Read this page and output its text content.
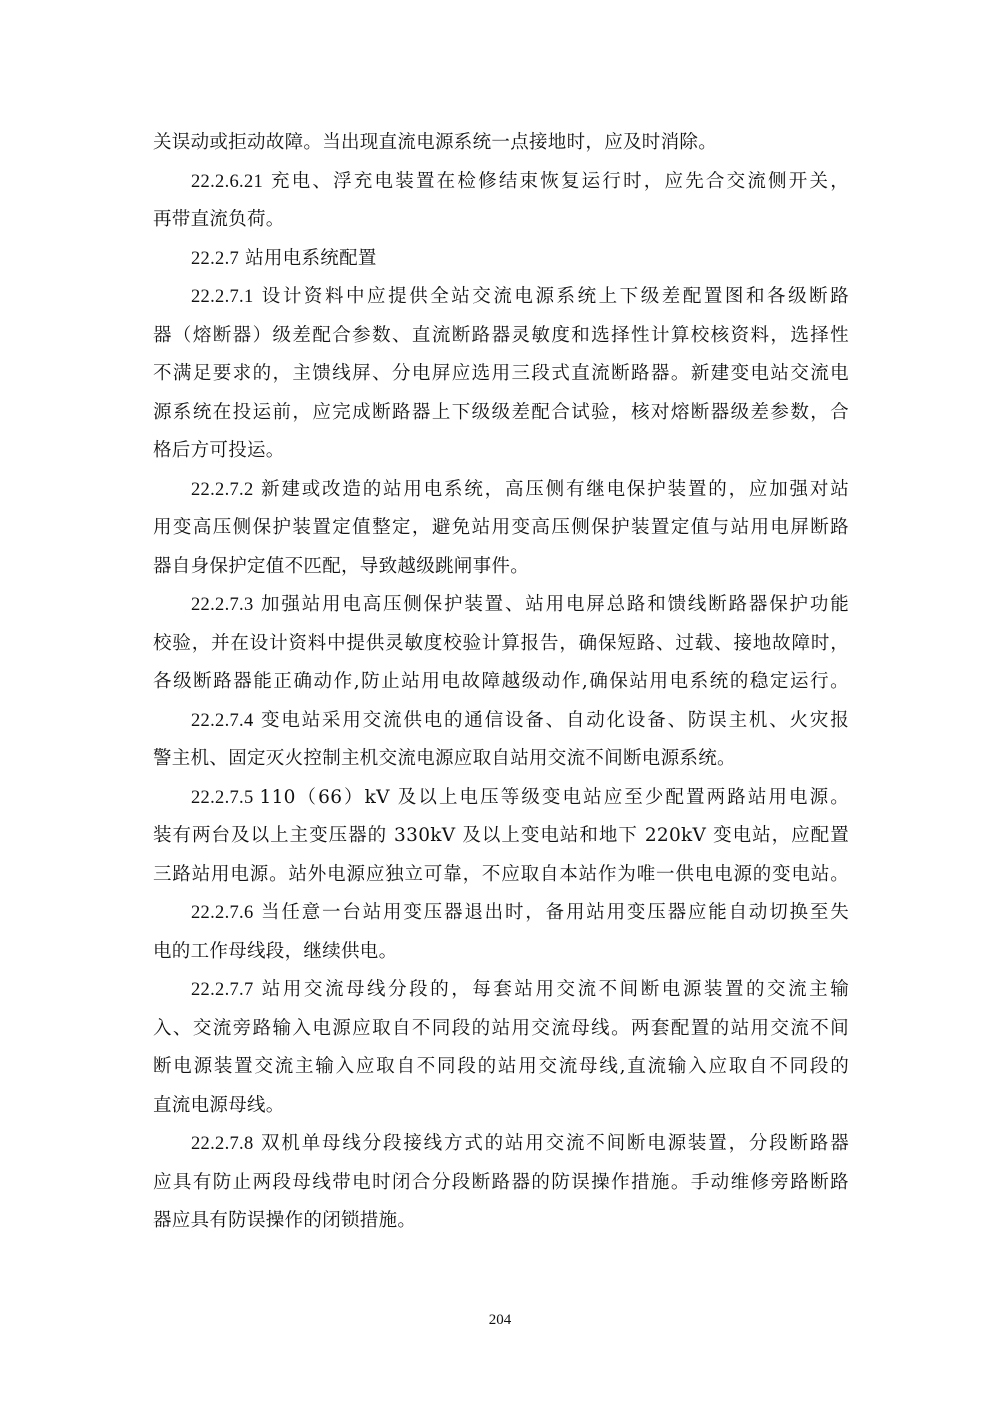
关误动或拒动故障。当出现直流电源系统一点接地时，应及时消除。
22.2.6.21 充电、浮充电装置在检修结束恢复运行时，应先合交流侧开关，
再带直流负荷。
22.2.7 站用电系统配置
22.2.7.1 设计资料中应提供全站交流电源系统上下级差配置图和各级断路
器（熔断器）级差配合参数、直流断路器灵敏度和选择性计算校核资料，选择性
不满足要求的，主馈线屏、分电屏应选用三段式直流断路器。新建变电站交流电
源系统在投运前，应完成断路器上下级级差配合试验，核对熔断器级差参数，合
格后方可投运。
22.2.7.2 新建或改造的站用电系统，高压侧有继电保护装置的，应加强对站
用变高压侧保护装置定值整定，避免站用变高压侧保护装置定值与站用电屏断路
器自身保护定值不匹配，导致越级跳闸事件。
22.2.7.3 加强站用电高压侧保护装置、站用电屏总路和馈线断路器保护功能
校验，并在设计资料中提供灵敏度校验计算报告，确保短路、过载、接地故障时，
各级断路器能正确动作,防止站用电故障越级动作,确保站用电系统的稳定运行。
22.2.7.4 变电站采用交流供电的通信设备、自动化设备、防误主机、火灾报
警主机、固定灭火控制主机交流电源应取自站用交流不间断电源系统。
22.2.7.5 110（66）kV 及以上电压等级变电站应至少配置两路站用电源。
装有两台及以上主变压器的 330kV 及以上变电站和地下 220kV 变电站，应配置
三路站用电源。站外电源应独立可靠，不应取自本站作为唯一供电电源的变电站。
22.2.7.6 当任意一台站用变压器退出时，备用站用变压器应能自动切换至失
电的工作母线段，继续供电。
22.2.7.7 站用交流母线分段的，每套站用交流不间断电源装置的交流主输
入、交流旁路输入电源应取自不同段的站用交流母线。两套配置的站用交流不间
断电源装置交流主输入应取自不同段的站用交流母线,直流输入应取自不同段的
直流电源母线。
22.2.7.8 双机单母线分段接线方式的站用交流不间断电源装置，分段断路器
应具有防止两段母线带电时闭合分段断路器的防误操作措施。手动维修旁路断路
器应具有防误操作的闭锁措施。
204
